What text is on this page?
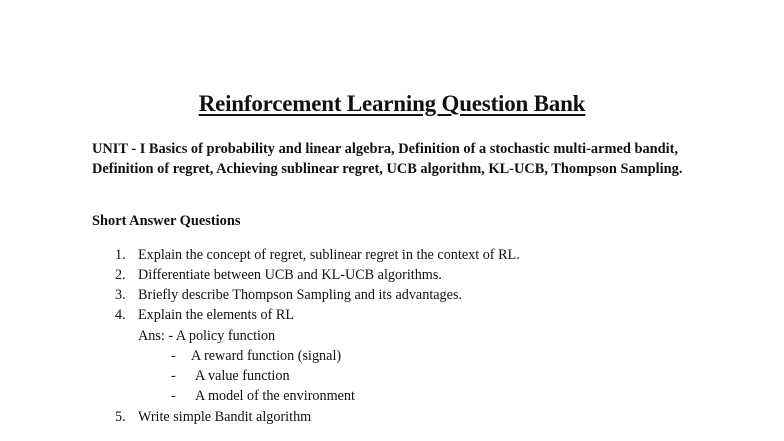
Reinforcement Learning Question Bank
UNIT - I Basics of probability and linear algebra, Definition of a stochastic multi-armed bandit, Definition of regret, Achieving sublinear regret, UCB algorithm, KL-UCB, Thompson Sampling.
Short Answer Questions
1. Explain the concept of regret, sublinear regret in the context of RL.
2. Differentiate between UCB and KL-UCB algorithms.
3. Briefly describe Thompson Sampling and its advantages.
4. Explain the elements of RL
Ans: - A policy function
- A reward function (signal)
- A value function
- A model of the environment
5. Write simple Bandit algorithm
